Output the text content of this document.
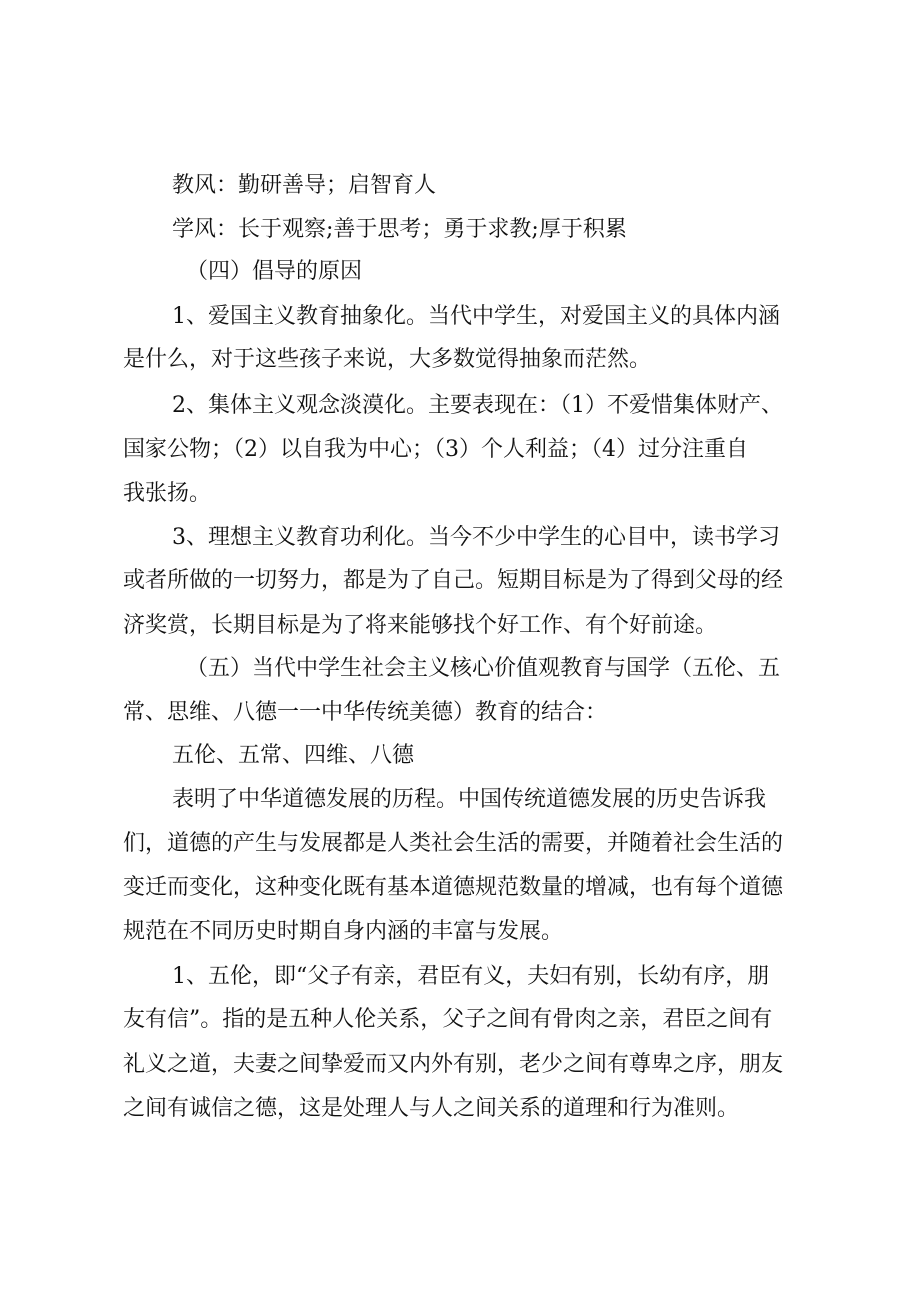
教风：勤研善导；启智育人
学风：长于观察;善于思考；勇于求教;厚于积累
（四）倡导的原因
1、爱国主义教育抽象化。当代中学生，对爱国主义的具体内涵
是什么，对于这些孩子来说，大多数觉得抽象而茫然。
2、集体主义观念淡漠化。主要表现在：（1）不爱惜集体财产、
国家公物；（2）以自我为中心；（3）个人利益；（4）过分注重自
我张扬。
3、理想主义教育功利化。当今不少中学生的心目中，读书学习
或者所做的一切努力，都是为了自己。短期目标是为了得到父母的经
济奖赏，长期目标是为了将来能够找个好工作、有个好前途。
（五）当代中学生社会主义核心价值观教育与国学（五伦、五
常、思维、八德一一中华传统美德）教育的结合：
五伦、五常、四维、八德
表明了中华道德发展的历程。中国传统道德发展的历史告诉我
们，道德的产生与发展都是人类社会生活的需要，并随着社会生活的
变迁而变化，这种变化既有基本道德规范数量的增减，也有每个道德
规范在不同历史时期自身内涵的丰富与发展。
1、五伦，即“父子有亲，君臣有义，夫妇有别，长幼有序，朋
友有信”。指的是五种人伦关系，父子之间有骨肉之亲，君臣之间有
礼义之道，夫妻之间挚爱而又内外有别，老少之间有尊卑之序，朋友
之间有诚信之德，这是处理人与人之间关系的道理和行为准则。
